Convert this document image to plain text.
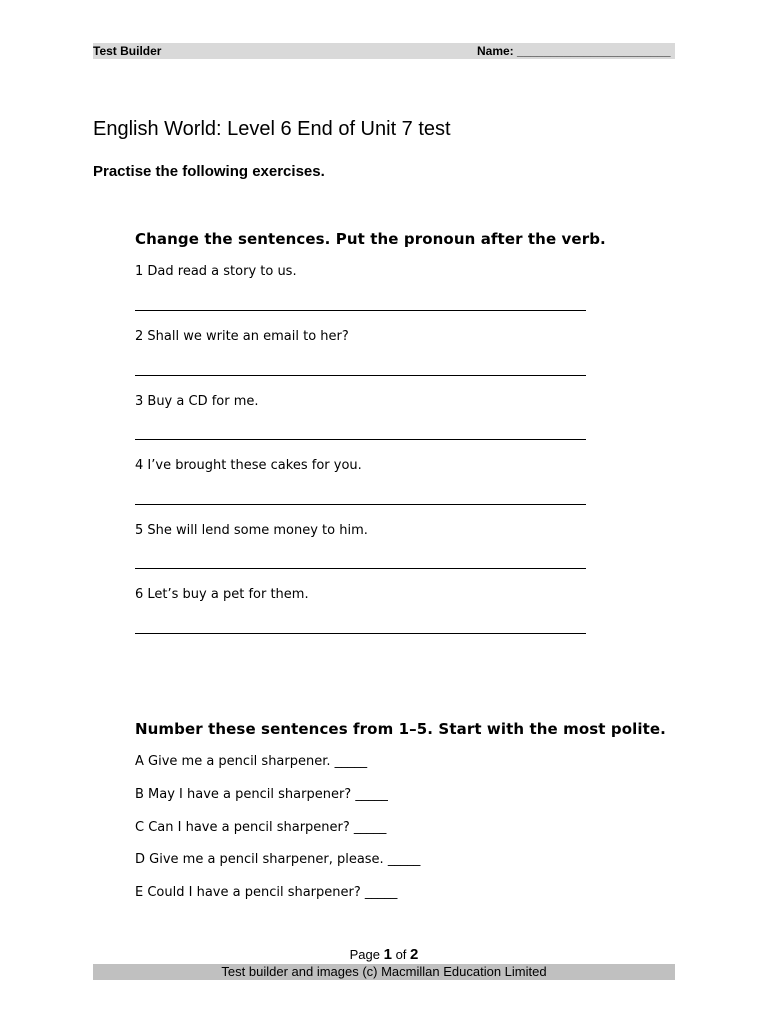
Test Builder	Name: _______________________
English World: Level 6 End of Unit 7 test
Practise the following exercises.
Change the sentences. Put the pronoun after the verb.
1 Dad read a story to us.
2 Shall we write an email to her?
3 Buy a CD for me.
4 I’ve brought these cakes for you.
5 She will lend some money to him.
6 Let’s buy a pet for them.
Number these sentences from 1–5. Start with the most polite.
A Give me a pencil sharpener. _____
B May I have a pencil sharpener? _____
C Can I have a pencil sharpener? _____
D Give me a pencil sharpener, please. _____
E Could I have a pencil sharpener? _____
Page 1 of 2
Test builder and images (c) Macmillan Education Limited
